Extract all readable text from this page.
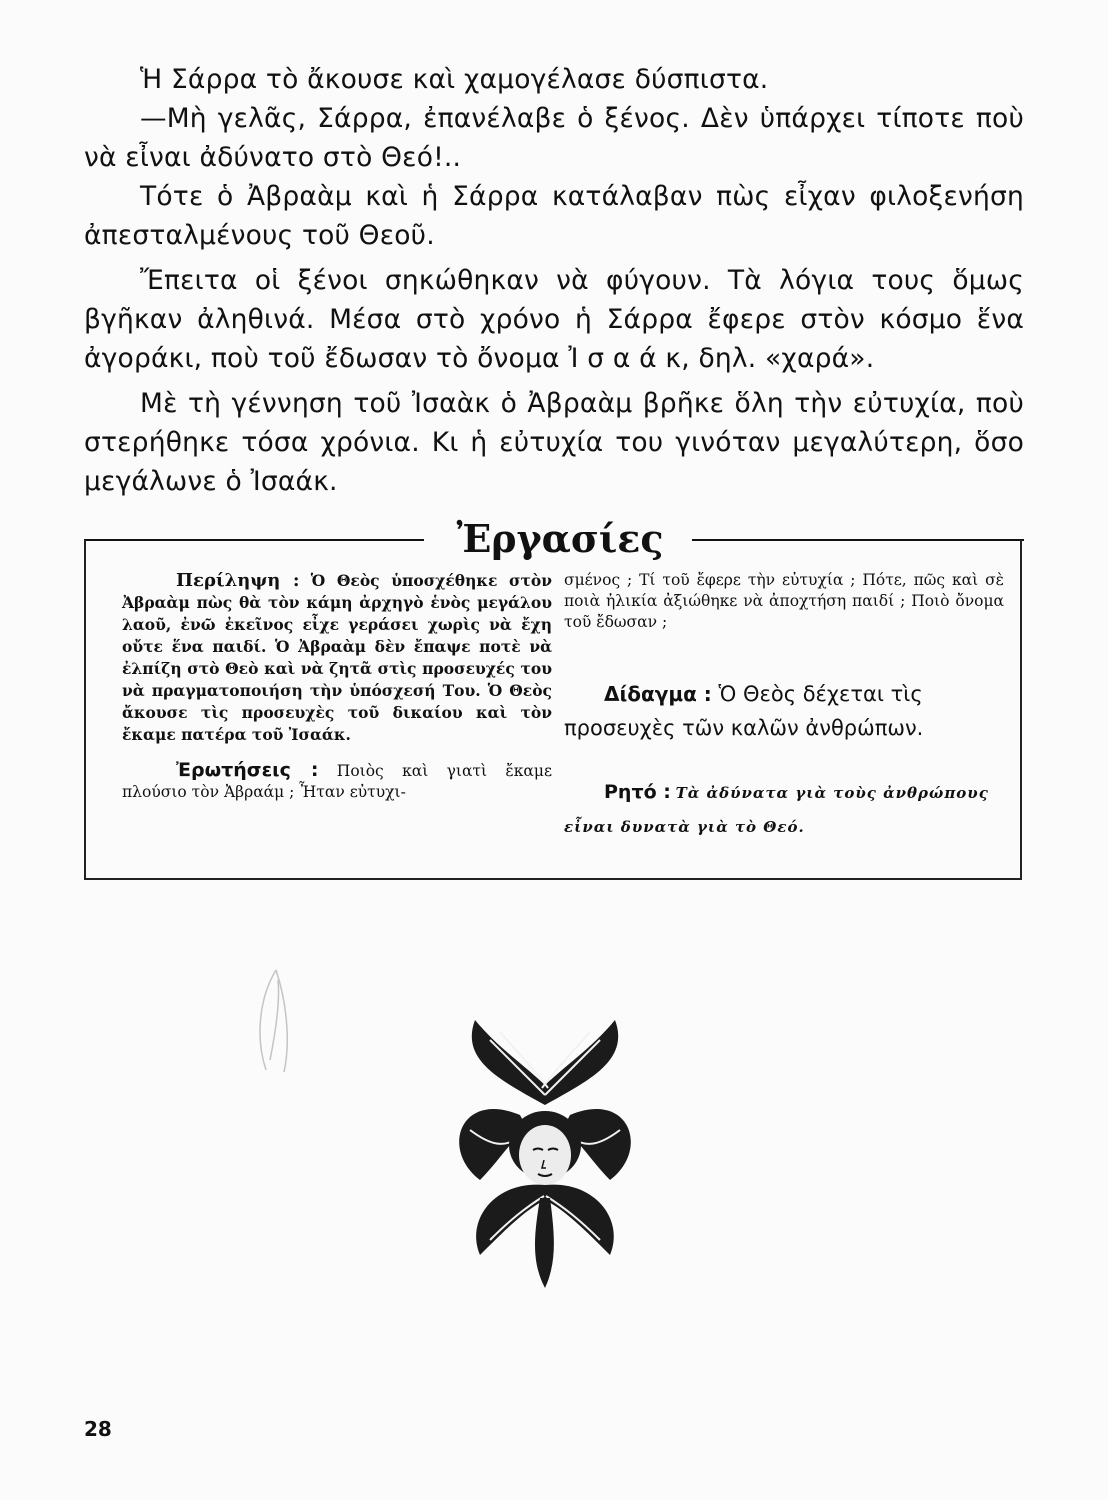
Ἡ Σάρρα τὸ ἄκουσε καὶ χαμογέλασε δύσπιστα.

—Μὴ γελᾶς, Σάρρα, ἐπανέλαβε ὁ ξένος. Δὲν ὑπάρχει τίποτε ποὺ νὰ εἶναι ἀδύνατο στὸ Θεό!..

Τότε ὁ Ἀβραὰμ καὶ ἡ Σάρρα κατάλαβαν πὼς εἶχαν φιλοξενήση ἀπεσταλμένους τοῦ Θεοῦ.

Ἔπειτα οἱ ξένοι σηκώθηκαν νὰ φύγουν. Τὰ λόγια τους ὅμως βγῆκαν ἀληθινά. Μέσα στὸ χρόνο ἡ Σάρρα ἔφερε στὸν κόσμο ἕνα ἀγοράκι, ποὺ τοῦ ἔδωσαν τὸ ὄνομα Ἰ σ α ά κ, δηλ. «χαρά».

Μὲ τὴ γέννηση τοῦ Ἰσαὰκ ὁ Ἀβραὰμ βρῆκε ὅλη τὴν εὐτυχία, ποὺ στερήθηκε τόσα χρόνια. Κι ἡ εὐτυχία του γινόταν μεγαλύτερη, ὅσο μεγάλωνε ὁ Ἰσαάκ.

Ἐργασίες

Περίληψη : Ὁ Θεὸς ὑποσχέθηκε στὸν Ἀβραὰμ πὼς θὰ τὸν κάμη ἀρχηγὸ ἑνὸς μεγάλου λαοῦ, ἐνῶ ἐκεῖνος εἶχε γεράσει χωρὶς νὰ ἔχη οὔτε ἕνα παιδί. Ὁ Ἀβραὰμ δὲν ἔπαψε ποτὲ νὰ ἐλπίζη στὸ Θεὸ καὶ νὰ ζητᾶ στὶς προσευχές του νὰ πραγματοποιήση τὴν ὑπόσχεσή Του. Ὁ Θεὸς ἄκουσε τὶς προσευχὲς τοῦ δικαίου καὶ τὸν ἔκαμε πατέρα τοῦ Ἰσαάκ.

Ἐρωτήσεις : Ποιὸς καὶ γιατὶ ἔκαμε πλούσιο τὸν Ἀβραάμ ; Ἦταν εὐτυχι-

σμένος ; Τί τοῦ ἔφερε τὴν εὐτυχία ; Πότε, πῶς καὶ σὲ ποιὰ ἡλικία ἀξιώθηκε νὰ ἀποχτήση παιδί ; Ποιὸ ὄνομα τοῦ ἔδωσαν ;

Δίδαγμα : Ὁ Θεὸς δέχεται τὶς προσευχὲς τῶν καλῶν ἀνθρώπων.

Ρητό : Τὰ ἀδύνατα γιὰ τοὺς ἀνθρώπους εἶναι δυνατὰ γιὰ τὸ Θεό.

28
